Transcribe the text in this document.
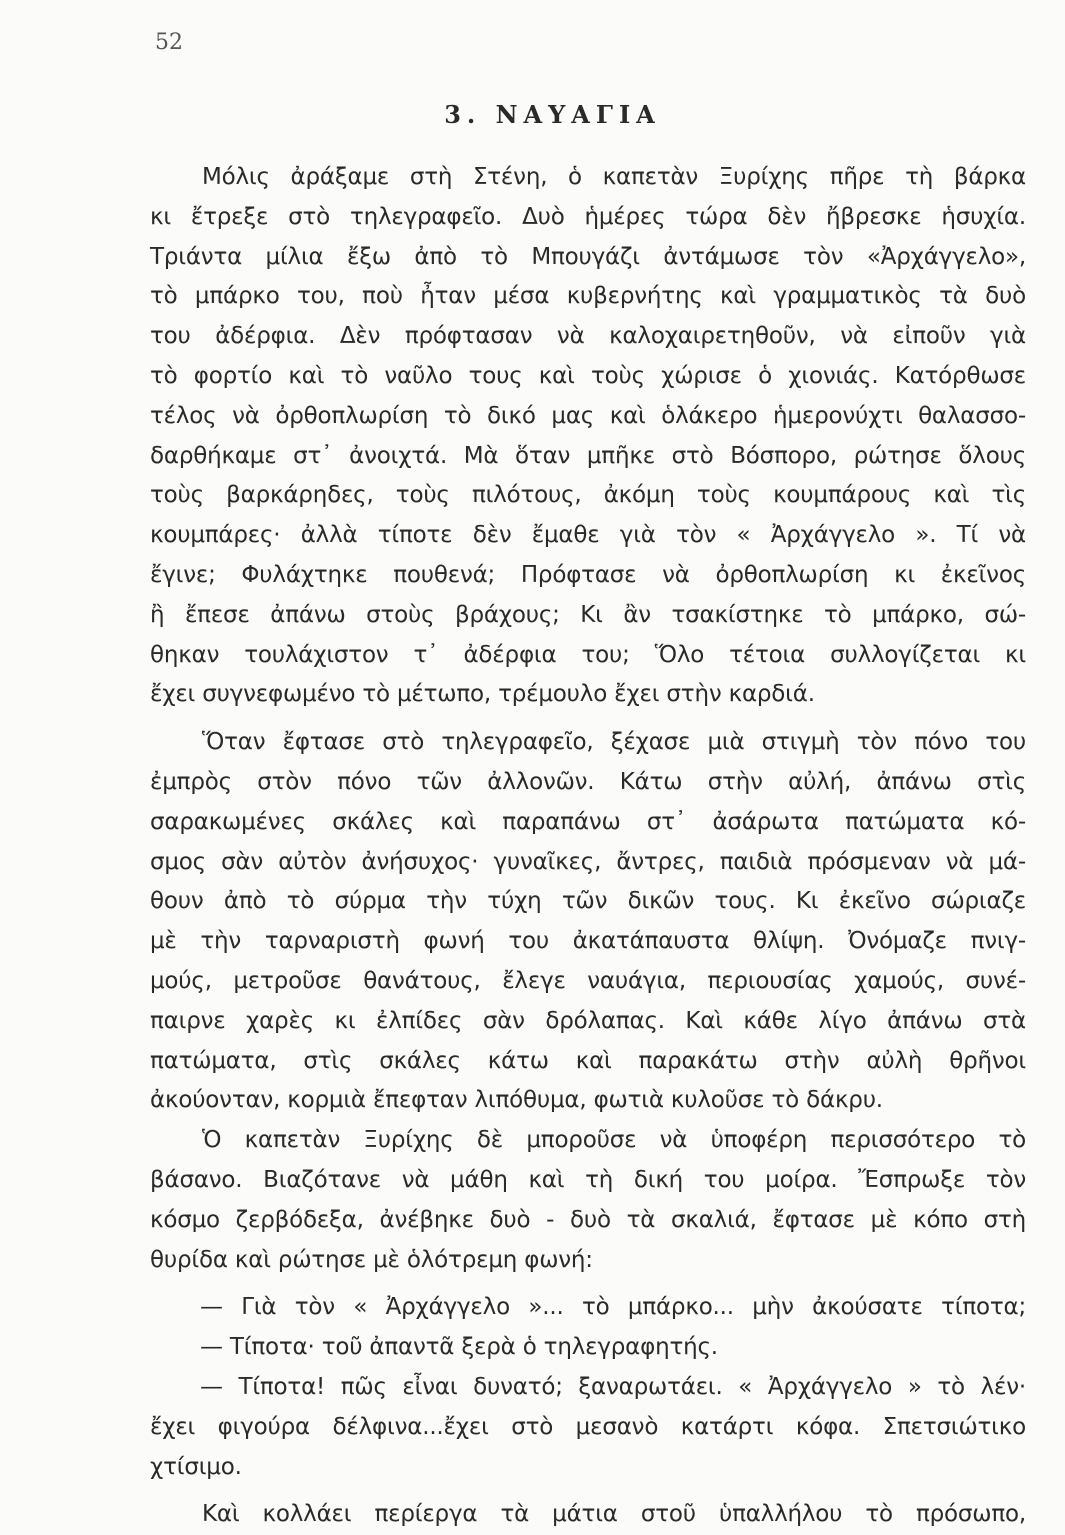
52

3. ΝΑΥΑΓΙΑ
Μόλις ἀράξαμε στὴ Στένη, ὁ καπετὰν Ξυρίχης πῆρε τὴ βάρκα
κι ἔτρεξε στὸ τηλεγραφεῖο. Δυὸ ἡμέρες τώρα δὲν ἤβρεσκε ἡσυχία.
Τριάντα μίλια ἔξω ἀπὸ τὸ Μπουγάζι ἀντάμωσε τὸν «Ἀρχάγγελο»,
τὸ μπάρκο του, ποὺ ἦταν μέσα κυβερνήτης καὶ γραμματικὸς τὰ δυὸ
του ἀδέρφια. Δὲν πρόφτασαν νὰ καλοχαιρετηθοῦν, νὰ εἰποῦν γιὰ
τὸ φορτίο καὶ τὸ ναῦλο τους καὶ τοὺς χώρισε ὁ χιονιάς. Κατόρθωσε
τέλος νὰ ὀρθοπλωρίση τὸ δικό μας καὶ ὁλάκερο ἡμερονύχτι θαλασσο-
δαρθήκαμε στ᾿ ἀνοιχτά. Μὰ ὅταν μπῆκε στὸ Βόσπορο, ρώτησε ὅλους
τοὺς βαρκάρηδες, τοὺς πιλότους, ἀκόμη τοὺς κουμπάρους καὶ τὶς
κουμπάρες· ἀλλὰ τίποτε δὲν ἔμαθε γιὰ τὸν « Ἀρχάγγελο ». Τί νὰ
ἔγινε; Φυλάχτηκε πουθενά; Πρόφτασε νὰ ὀρθοπλωρίση κι ἐκεῖνος
ἢ ἔπεσε ἀπάνω στοὺς βράχους; Κι ἂν τσακίστηκε τὸ μπάρκο, σώ-
θηκαν τουλάχιστον τ᾿ ἀδέρφια του; Ὅλο τέτοια συλλογίζεται κι
ἔχει συγνεφωμένο τὸ μέτωπο, τρέμουλο ἔχει στὴν καρδιά.
Ὅταν ἔφτασε στὸ τηλεγραφεῖο, ξέχασε μιὰ στιγμὴ τὸν πόνο του
ἐμπρὸς στὸν πόνο τῶν ἀλλονῶν. Κάτω στὴν αὐλή, ἀπάνω στὶς
σαρακωμένες σκάλες καὶ παραπάνω στ᾿ ἀσάρωτα πατώματα κό-
σμος σὰν αὐτὸν ἀνήσυχος· γυναῖκες, ἄντρες, παιδιὰ πρόσμεναν νὰ μά-
θουν ἀπὸ τὸ σύρμα τὴν τύχη τῶν δικῶν τους. Κι ἐκεῖνο σώριαζε
μὲ τὴν ταρναριστὴ φωνή του ἀκατάπαυστα θλίψη. Ὀνόμαζε πνιγ-
μούς, μετροῦσε θανάτους, ἔλεγε ναυάγια, περιουσίας χαμούς, συνέ-
παιρνε χαρὲς κι ἐλπίδες σὰν δρόλαπας. Καὶ κάθε λίγο ἀπάνω στὰ
πατώματα, στὶς σκάλες κάτω καὶ παρακάτω στὴν αὐλὴ θρῆνοι
ἀκούονταν, κορμιὰ ἔπεφταν λιπόθυμα, φωτιὰ κυλοῦσε τὸ δάκρυ.
Ὁ καπετὰν Ξυρίχης δὲ μποροῦσε νὰ ὑποφέρη περισσότερο τὸ
βάσανο. Βιαζότανε νὰ μάθη καὶ τὴ δική του μοίρα. Ἔσπρωξε τὸν
κόσμο ζερβόδεξα, ἀνέβηκε δυὸ - δυὸ τὰ σκαλιά, ἔφτασε μὲ κόπο στὴ
θυρίδα καὶ ρώτησε μὲ ὁλότρεμη φωνή:
— Γιὰ τὸν « Ἀρχάγγελο »... τὸ μπάρκο... μὴν ἀκούσατε τίποτα;
— Τίποτα· τοῦ ἀπαντᾶ ξερὰ ὁ τηλεγραφητής.
— Τίποτα! πῶς εἶναι δυνατό; ξαναρωτάει. « Ἀρχάγγελο » τὸ λέν·
ἔχει φιγούρα δέλφινα...ἔχει στὸ μεσανὸ κατάρτι κόφα. Σπετσιώτικο
χτίσιμο.
Καὶ κολλάει περίεργα τὰ μάτια στοῦ ὑπαλλήλου τὸ πρόσωπο,
